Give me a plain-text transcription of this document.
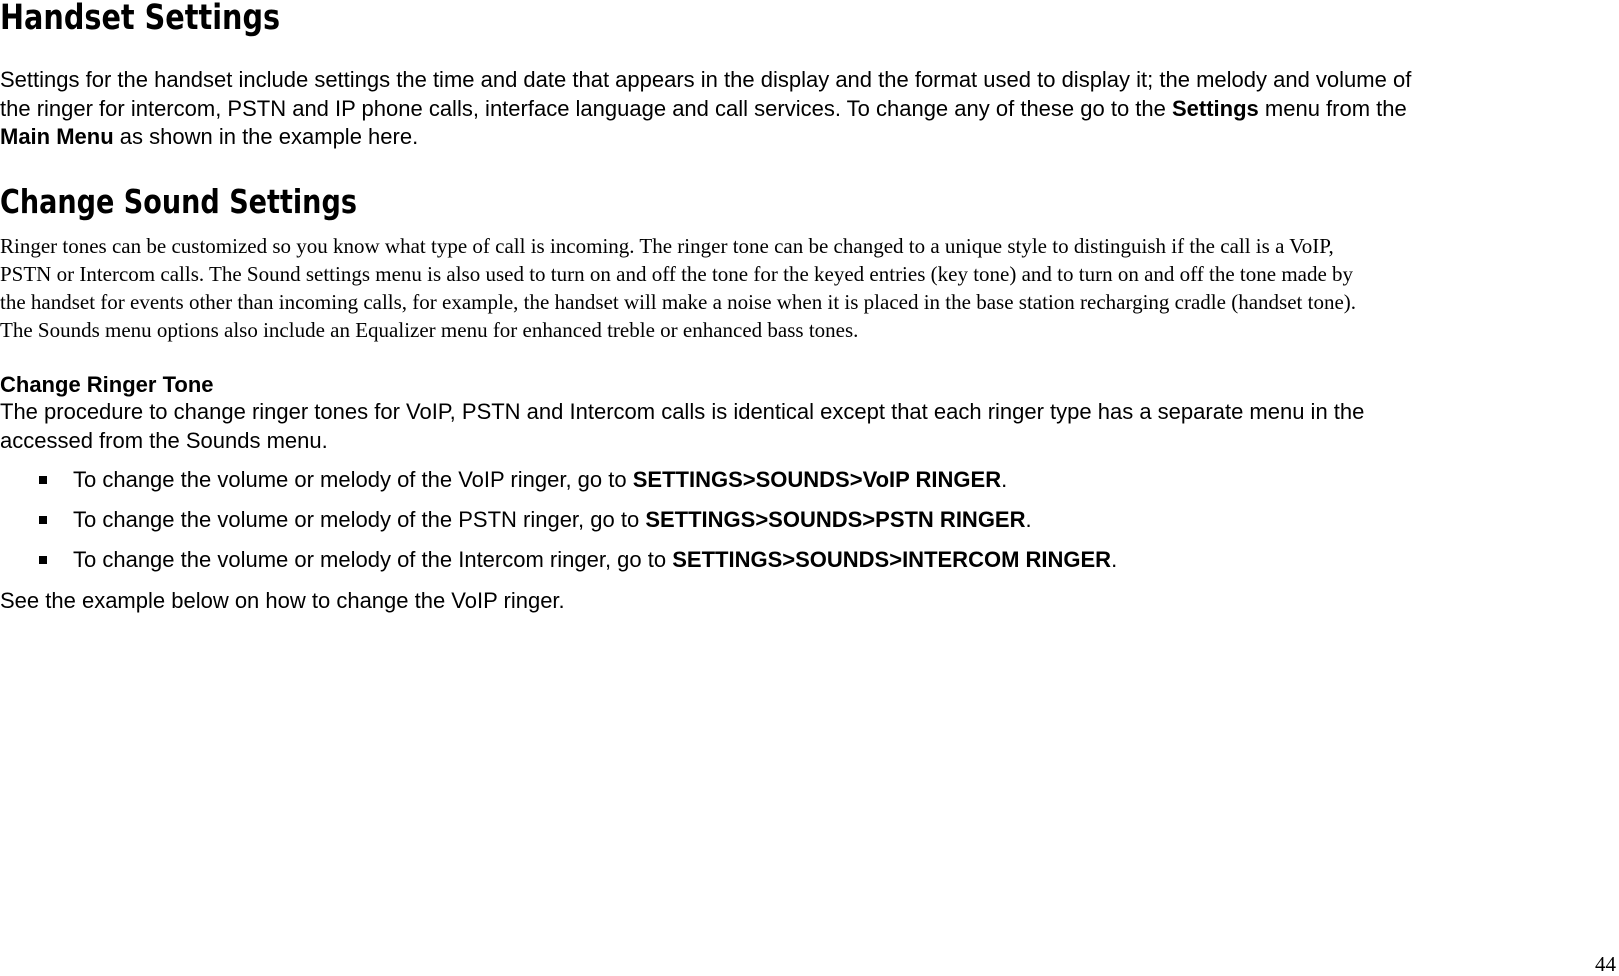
Handset Settings

Settings for the handset include settings the time and date that appears in the display and the format used to display it; the melody and volume of
the ringer for intercom, PSTN and IP phone calls, interface language and call services. To change any of these go to the Settings menu from the
Main Menu as shown in the example here.

Change Sound Settings

Ringer tones can be customized so you know what type of call is incoming. The ringer tone can be changed to a unique style to distinguish if the call is a VoIP,
PSTN or Intercom calls. The Sound settings menu is also used to turn on and off the tone for the keyed entries (key tone) and to turn on and off the tone made by
the handset for events other than incoming calls, for example, the handset will make a noise when it is placed in the base station recharging cradle (handset tone).
The Sounds menu options also include an Equalizer menu for enhanced treble or enhanced bass tones.

Change Ringer Tone

The procedure to change ringer tones for VoIP, PSTN and Intercom calls is identical except that each ringer type has a separate menu in the
accessed from the Sounds menu.

To change the volume or melody of the VoIP ringer, go to SETTINGS>SOUNDS>VoIP RINGER.
To change the volume or melody of the PSTN ringer, go to SETTINGS>SOUNDS>PSTN RINGER.
To change the volume or melody of the Intercom ringer, go to SETTINGS>SOUNDS>INTERCOM RINGER.

See the example below on how to change the VoIP ringer.

44
